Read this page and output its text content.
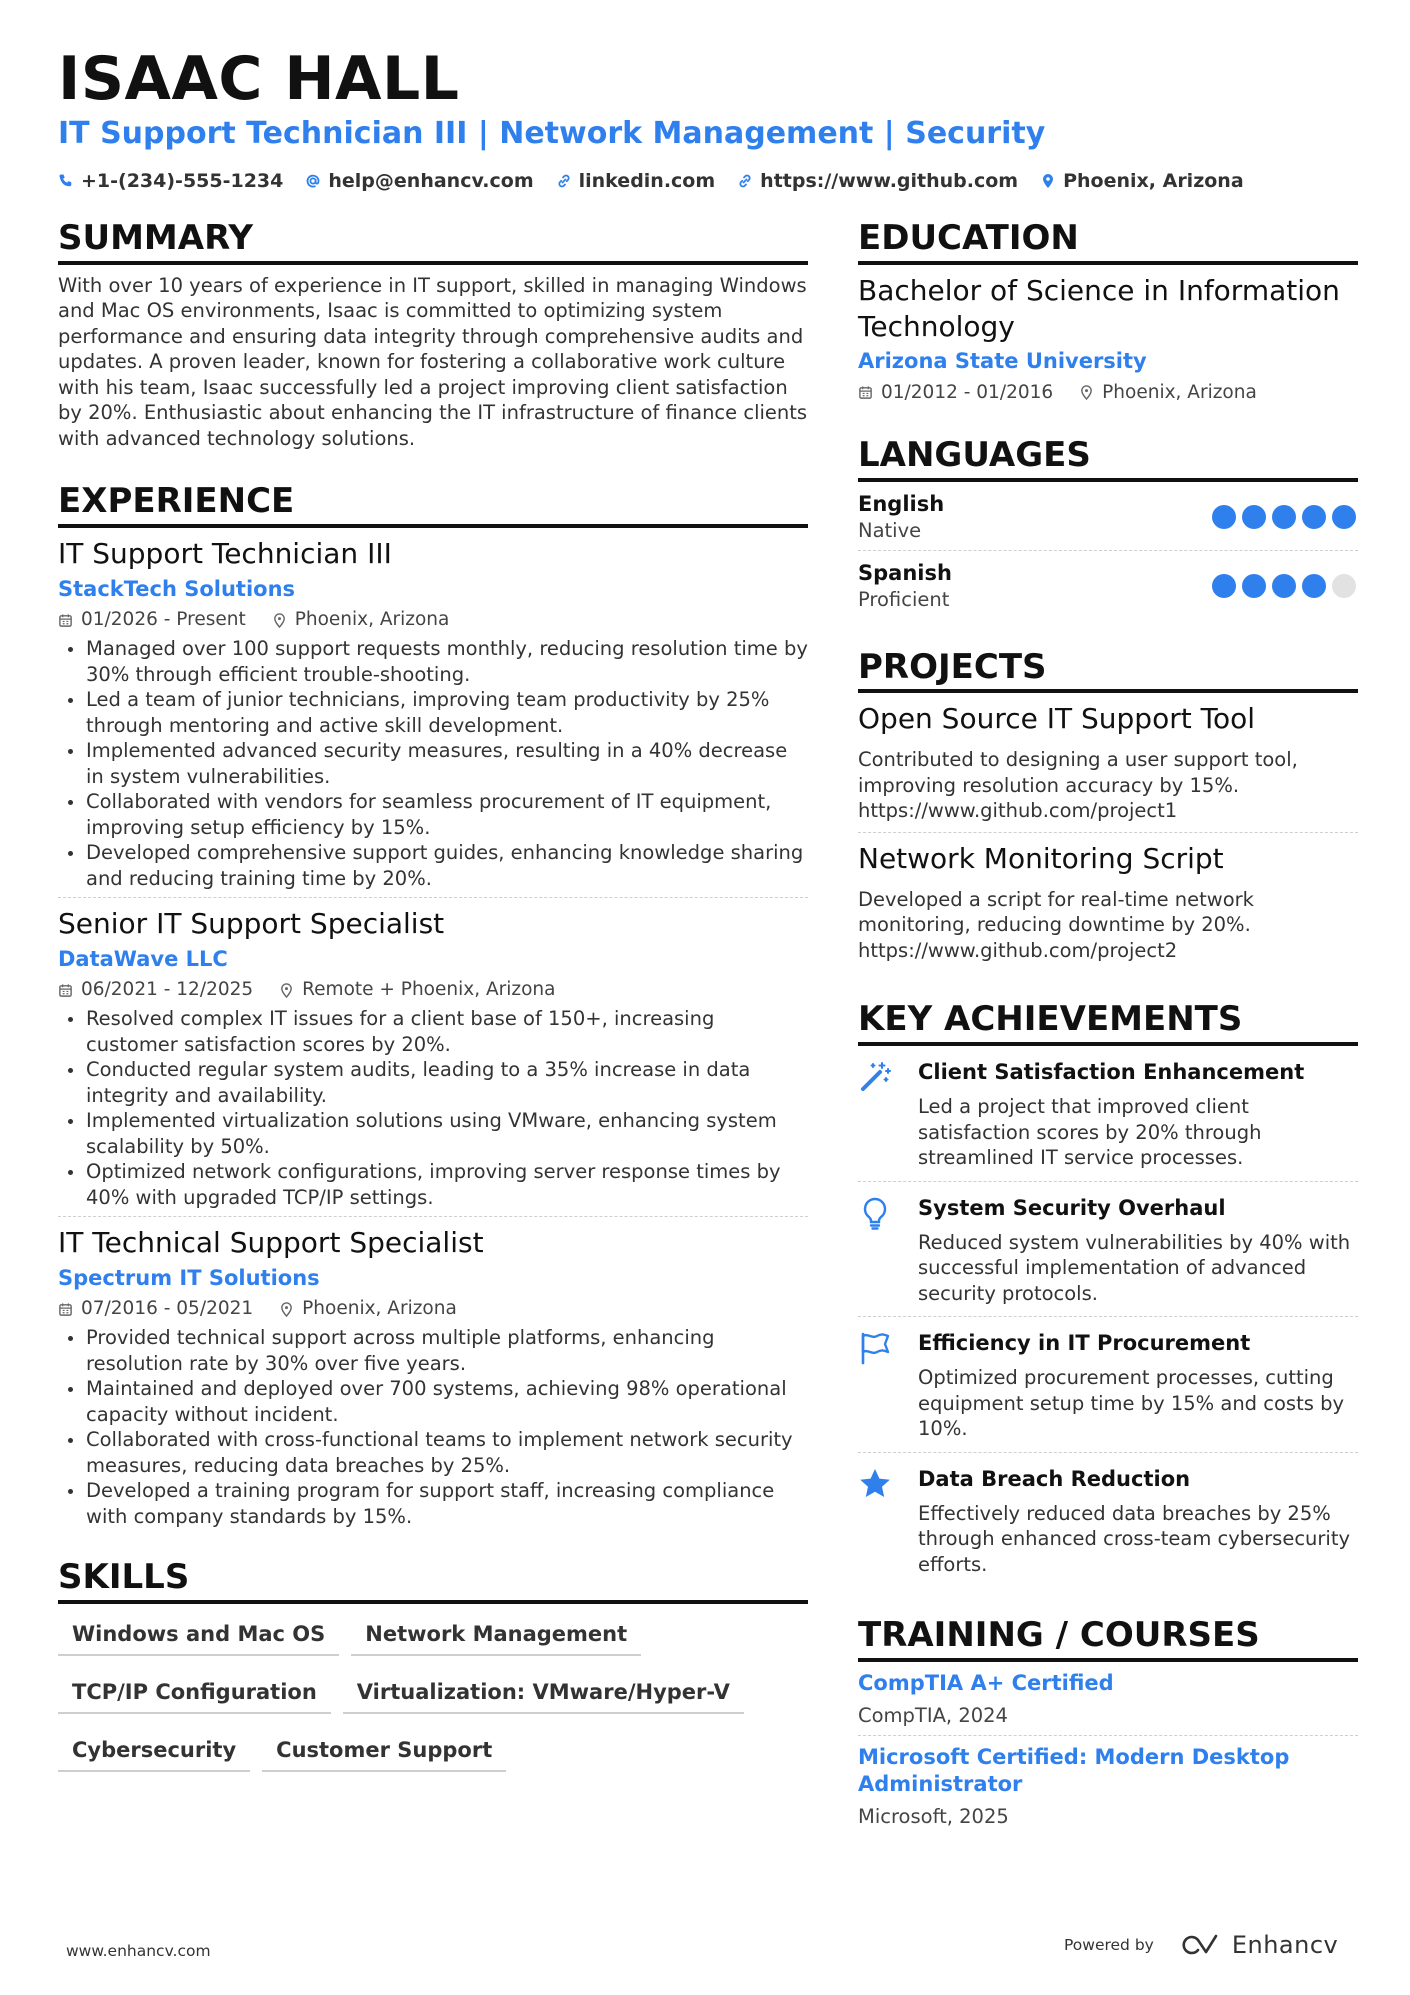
ISAAC HALL
IT Support Technician III | Network Management | Security
+1-(234)-555-1234 help@enhancv.com linkedin.com https://www.github.com Phoenix, Arizona
SUMMARY

With over 10 years of experience in IT support, skilled in managing Windows and Mac OS environments, Isaac is committed to optimizing system performance and ensuring data integrity through comprehensive audits and updates. A proven leader, known for fostering a collaborative work culture with his team, Isaac successfully led a project improving client satisfaction by 20%. Enthusiastic about enhancing the IT infrastructure of finance clients with advanced technology solutions.

EXPERIENCE
IT Support Technician III
StackTech Solutions
01/2026 - Present	Phoenix, Arizona
Managed over 100 support requests monthly, reducing resolution time by 30% through efficient trouble-shooting.
Led a team of junior technicians, improving team productivity by 25% through mentoring and active skill development.
Implemented advanced security measures, resulting in a 40% decrease in system vulnerabilities.
Collaborated with vendors for seamless procurement of IT equipment, improving setup efficiency by 15%.
Developed comprehensive support guides, enhancing knowledge sharing and reducing training time by 20%.
Senior IT Support Specialist
DataWave LLC
06/2021 - 12/2025	Remote + Phoenix, Arizona
Resolved complex IT issues for a client base of 150+, increasing customer satisfaction scores by 20%.
Conducted regular system audits, leading to a 35% increase in data integrity and availability.
Implemented virtualization solutions using VMware, enhancing system scalability by 50%.
Optimized network configurations, improving server response times by 40% with upgraded TCP/IP settings.
IT Technical Support Specialist
Spectrum IT Solutions
07/2016 - 05/2021	Phoenix, Arizona
Provided technical support across multiple platforms, enhancing resolution rate by 30% over five years.
Maintained and deployed over 700 systems, achieving 98% operational capacity without incident.
Collaborated with cross-functional teams to implement network security measures, reducing data breaches by 25%.
Developed a training program for support staff, increasing compliance with company standards by 15%.
SKILLS
Windows and Mac OS	Network Management
TCP/IP Configuration	Virtualization: VMware/Hyper-V
Cybersecurity	Customer Support
EDUCATION
Bachelor of Science in Information Technology
Arizona State University
01/2012 - 01/2016	Phoenix, Arizona
LANGUAGES
English
Native
Spanish
Proficient
PROJECTS
Open Source IT Support Tool
Contributed to designing a user support tool, improving resolution accuracy by 15%.
https://www.github.com/project1
Network Monitoring Script
Developed a script for real-time network monitoring, reducing downtime by 20%.
https://www.github.com/project2
KEY ACHIEVEMENTS
Client Satisfaction Enhancement
Led a project that improved client satisfaction scores by 20% through streamlined IT service processes.
System Security Overhaul
Reduced system vulnerabilities by 40% with successful implementation of advanced security protocols.
Efficiency in IT Procurement
Optimized procurement processes, cutting equipment setup time by 15% and costs by 10%.
Data Breach Reduction
Effectively reduced data breaches by 25% through enhanced cross-team cybersecurity efforts.
TRAINING / COURSES
CompTIA A+ Certified
CompTIA, 2024
Microsoft Certified: Modern Desktop Administrator
Microsoft, 2025
www.enhancv.com	Powered by	Enhancv
